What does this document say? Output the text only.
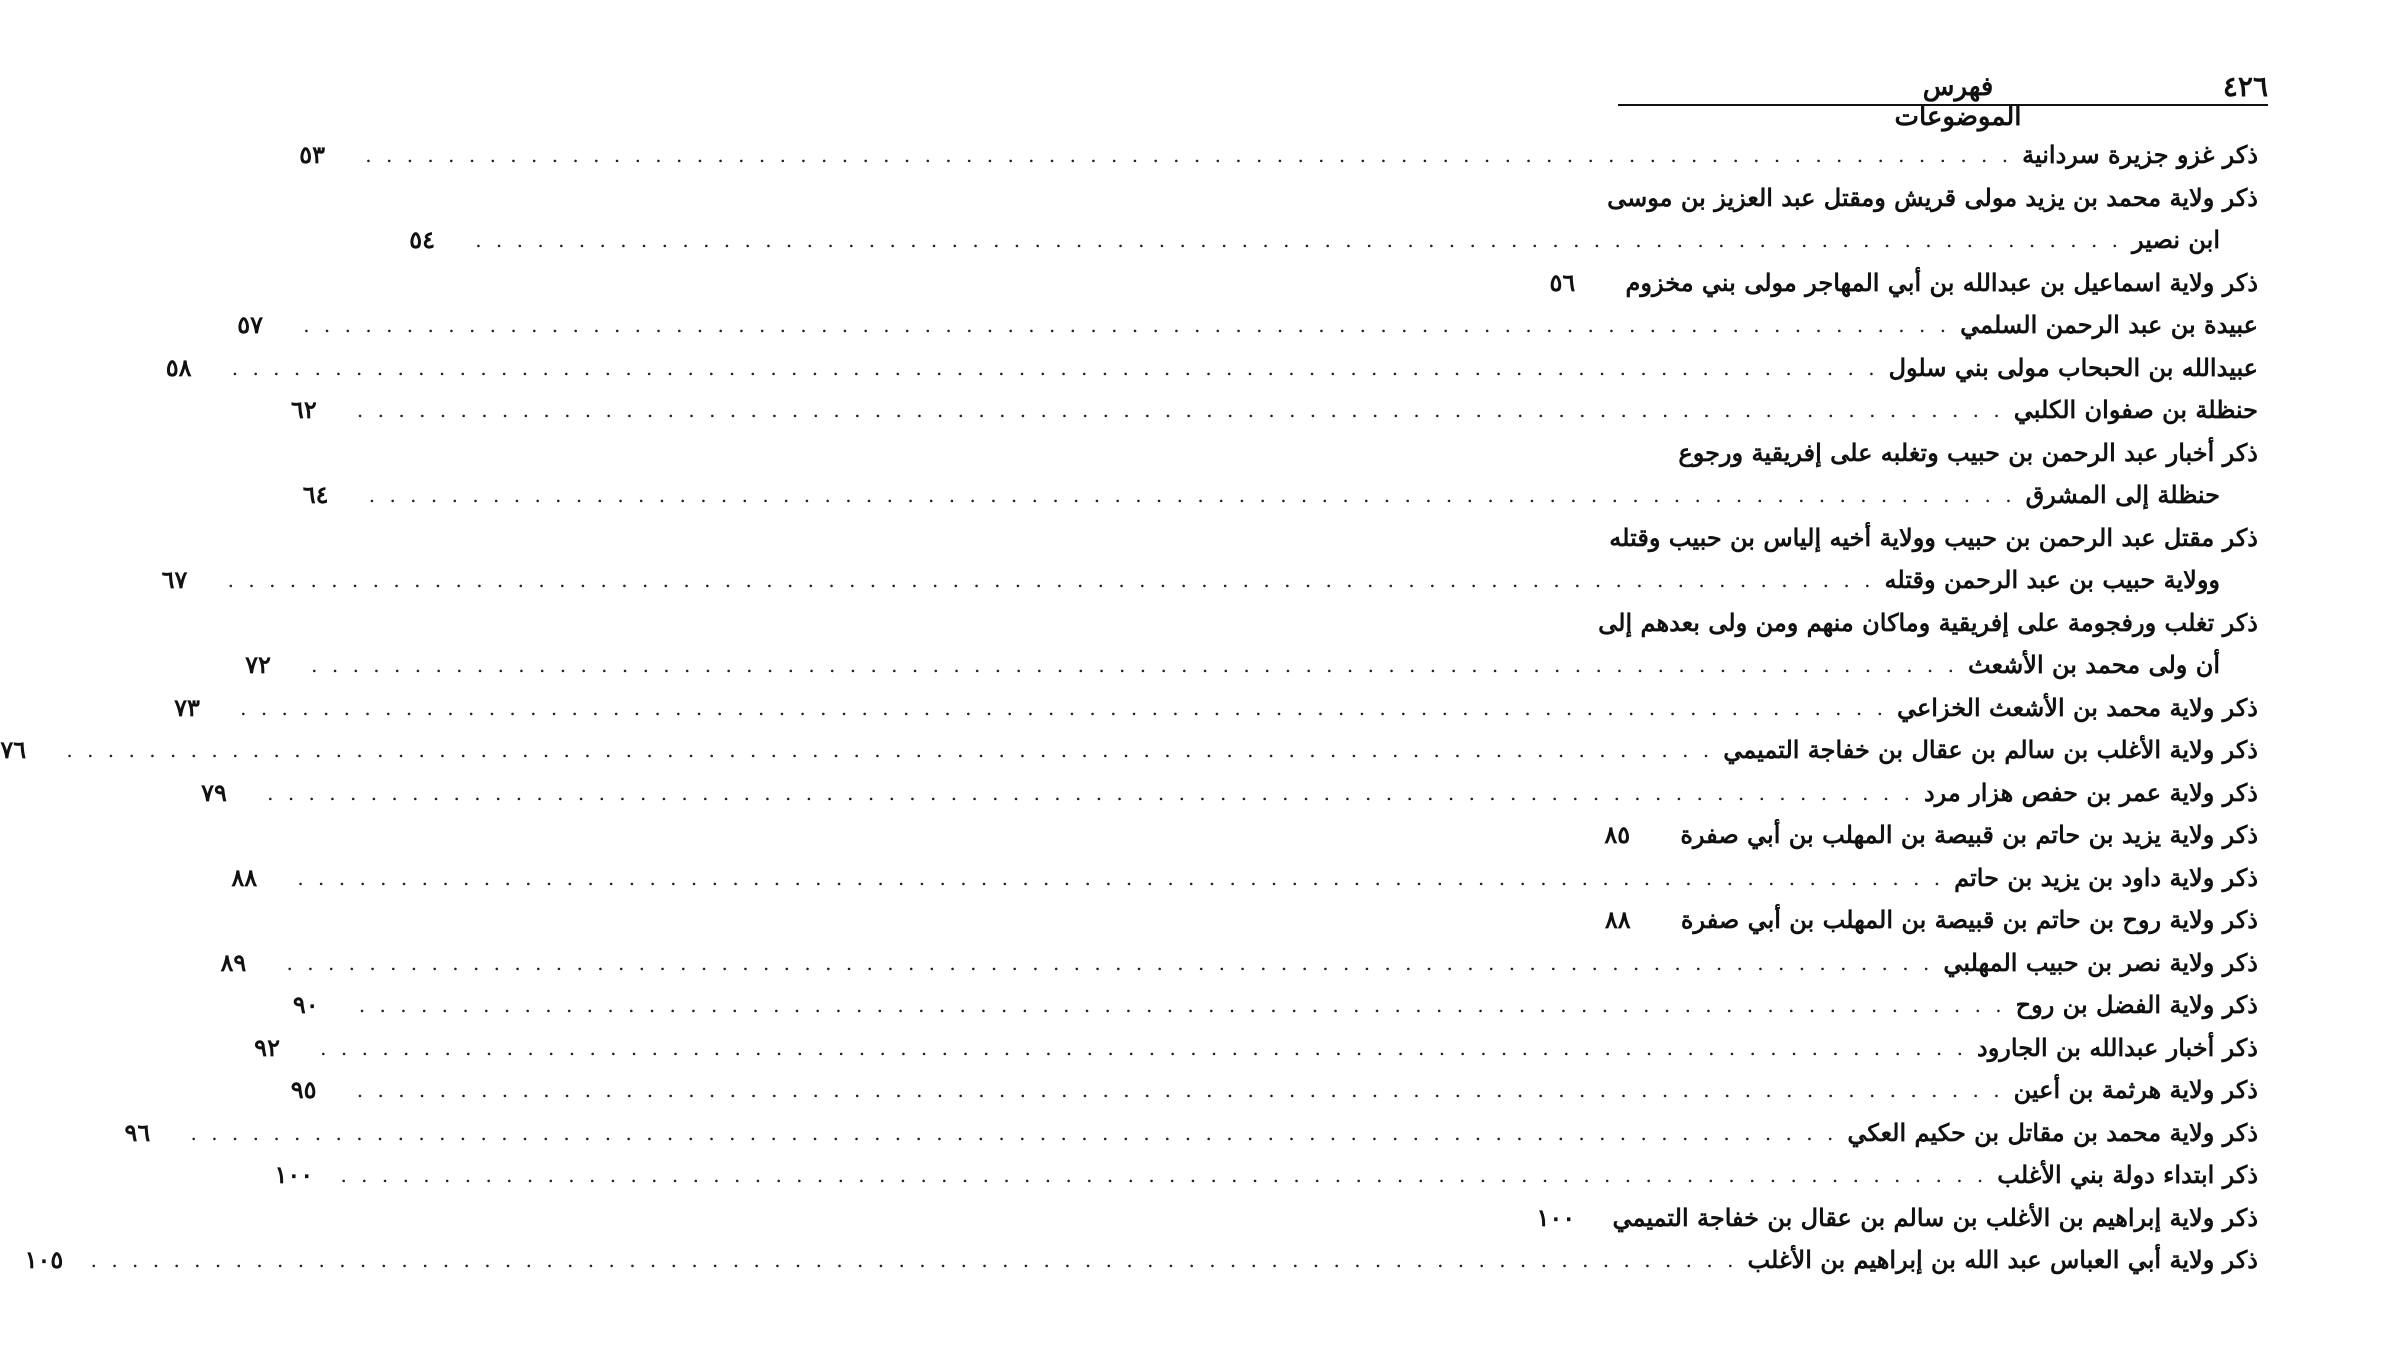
٤٢٦
فهرس الموضوعات
ذكر غزو جزيرة سردانية
. . . . . . . . . . . . . . . . . . . . . . . . . . . . . . . . . . . . . . . . . . . . . . . . . . . . . . . . . . . . . . . . . . . . . . . . . . . . . . . .
٥٣
ذكر ولاية محمد بن يزيد مولى قريش ومقتل عبد العزيز بن موسى
ابن نصير
. . . . . . . . . . . . . . . . . . . . . . . . . . . . . . . . . . . . . . . . . . . . . . . . . . . . . . . . . . . . . . . . . . . . . . . . . . . . . . . .
٥٤
ذكر ولاية اسماعيل بن عبدالله بن أبي المهاجر مولى بني مخزوم
٥٦
عبيدة بن عبد الرحمن السلمي
. . . . . . . . . . . . . . . . . . . . . . . . . . . . . . . . . . . . . . . . . . . . . . . . . . . . . . . . . . . . . . . . . . . . . . . . . . . . . . . .
٥٧
عبيدالله بن الحبحاب مولى بني سلول
. . . . . . . . . . . . . . . . . . . . . . . . . . . . . . . . . . . . . . . . . . . . . . . . . . . . . . . . . . . . . . . . . . . . . . . . . . . . . . . .
٥٨
حنظلة بن صفوان الكلبي
. . . . . . . . . . . . . . . . . . . . . . . . . . . . . . . . . . . . . . . . . . . . . . . . . . . . . . . . . . . . . . . . . . . . . . . . . . . . . . . .
٦٢
ذكر أخبار عبد الرحمن بن حبيب وتغلبه على إفريقية ورجوع
حنظلة إلى المشرق
. . . . . . . . . . . . . . . . . . . . . . . . . . . . . . . . . . . . . . . . . . . . . . . . . . . . . . . . . . . . . . . . . . . . . . . . . . . . . . . .
٦٤
ذكر مقتل عبد الرحمن بن حبيب وولاية أخيه إلياس بن حبيب وقتله
وولاية حبيب بن عبد الرحمن وقتله
. . . . . . . . . . . . . . . . . . . . . . . . . . . . . . . . . . . . . . . . . . . . . . . . . . . . . . . . . . . . . . . . . . . . . . . . . . . . . . . .
٦٧
ذكر تغلب ورفجومة على إفريقية وماكان منهم ومن ولى بعدهم إلى
أن ولى محمد بن الأشعث
. . . . . . . . . . . . . . . . . . . . . . . . . . . . . . . . . . . . . . . . . . . . . . . . . . . . . . . . . . . . . . . . . . . . . . . . . . . . . . . .
٧٢
ذكر ولاية محمد بن الأشعث الخزاعي
. . . . . . . . . . . . . . . . . . . . . . . . . . . . . . . . . . . . . . . . . . . . . . . . . . . . . . . . . . . . . . . . . . . . . . . . . . . . . . . .
٧٣
ذكر ولاية الأغلب بن سالم بن عقال بن خفاجة التميمي
. . . . . . . . . . . . . . . . . . . . . . . . . . . . . . . . . . . . . . . . . . . . . . . . . . . . . . . . . . . . . . . . . . . . . . . . . . . . . . . .
٧٦
ذكر ولاية عمر بن حفص هزار مرد
. . . . . . . . . . . . . . . . . . . . . . . . . . . . . . . . . . . . . . . . . . . . . . . . . . . . . . . . . . . . . . . . . . . . . . . . . . . . . . . .
٧٩
ذكر ولاية يزيد بن حاتم بن قبيصة بن المهلب بن أبي صفرة
٨٥
ذكر ولاية داود بن يزيد بن حاتم
. . . . . . . . . . . . . . . . . . . . . . . . . . . . . . . . . . . . . . . . . . . . . . . . . . . . . . . . . . . . . . . . . . . . . . . . . . . . . . . .
٨٨
ذكر ولاية روح بن حاتم بن قبيصة بن المهلب بن أبي صفرة
٨٨
ذكر ولاية نصر بن حبيب المهلبي
. . . . . . . . . . . . . . . . . . . . . . . . . . . . . . . . . . . . . . . . . . . . . . . . . . . . . . . . . . . . . . . . . . . . . . . . . . . . . . . .
٨٩
ذكر ولاية الفضل بن روح
. . . . . . . . . . . . . . . . . . . . . . . . . . . . . . . . . . . . . . . . . . . . . . . . . . . . . . . . . . . . . . . . . . . . . . . . . . . . . . . .
٩٠
ذكر أخبار عبدالله بن الجارود
. . . . . . . . . . . . . . . . . . . . . . . . . . . . . . . . . . . . . . . . . . . . . . . . . . . . . . . . . . . . . . . . . . . . . . . . . . . . . . . .
٩٢
ذكر ولاية هرثمة بن أعين
. . . . . . . . . . . . . . . . . . . . . . . . . . . . . . . . . . . . . . . . . . . . . . . . . . . . . . . . . . . . . . . . . . . . . . . . . . . . . . . .
٩٥
ذكر ولاية محمد بن مقاتل بن حكيم العكي
. . . . . . . . . . . . . . . . . . . . . . . . . . . . . . . . . . . . . . . . . . . . . . . . . . . . . . . . . . . . . . . . . . . . . . . . . . . . . . . .
٩٦
ذكر ابتداء دولة بني الأغلب
. . . . . . . . . . . . . . . . . . . . . . . . . . . . . . . . . . . . . . . . . . . . . . . . . . . . . . . . . . . . . . . . . . . . . . . . . . . . . . . .
١٠٠
ذكر ولاية إبراهيم بن الأغلب بن سالم بن عقال بن خفاجة التميمي
١٠٠
ذكر ولاية أبي العباس عبد الله بن إبراهيم بن الأغلب
. . . . . . . . . . . . . . . . . . . . . . . . . . . . . . . . . . . . . . . . . . . . . . . . . . . . . . . . . . . . . . . . . . . . . . . . . . . . . . . .
١٠٥
